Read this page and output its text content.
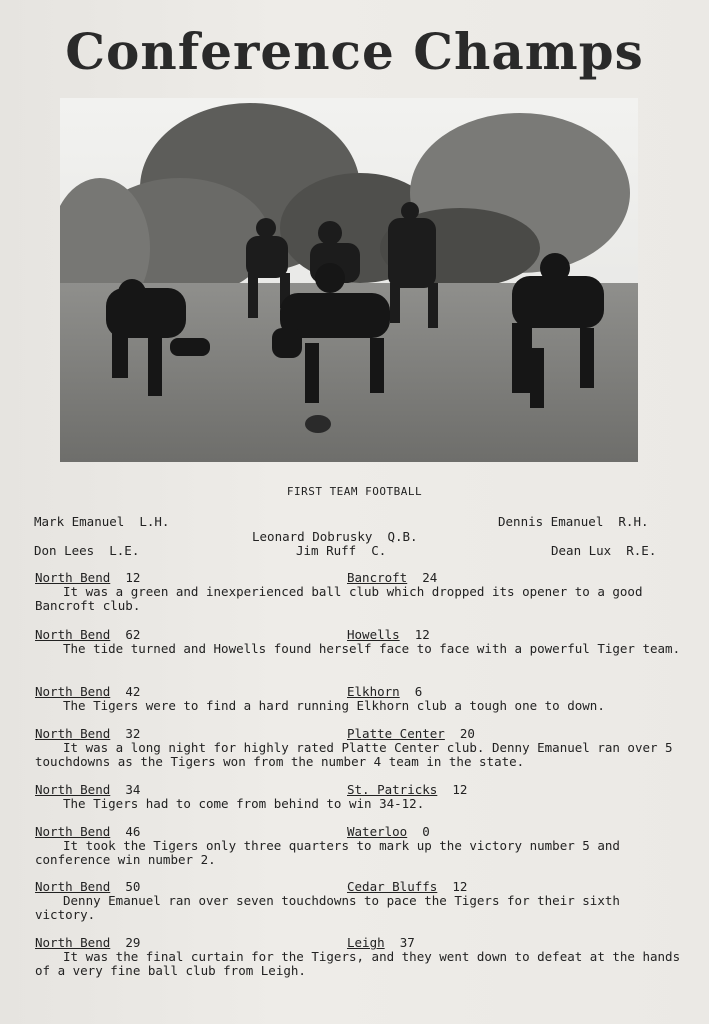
Conference Champs
FIRST TEAM FOOTBALL
Mark Emanuel  L.H.
Leonard Dobrusky  Q.B.
Dennis Emanuel  R.H.
Don Lees  L.E.	Jim Ruff  C.	Dean Lux  R.E.
North Bend 12	Bancroft 24
It was a green and inexperienced ball club which dropped its opener to a good Bancroft club.
North Bend 62	Howells 12
The tide turned and Howells found herself face to face with a powerful Tiger team.
North Bend 42	Elkhorn 6
The Tigers were to find a hard running Elkhorn club a tough one to down.
North Bend 32	Platte Center 20
It was a long night for highly rated Platte Center club. Denny Emanuel ran over 5 touchdowns as the Tigers won from the number 4 team in the state.
North Bend 34	St. Patricks 12
The Tigers had to come from behind to win 34-12.
North Bend 46	Waterloo 0
It took the Tigers only three quarters to mark up the victory number 5 and conference win number 2.
North Bend 50	Cedar Bluffs 12
Denny Emanuel ran over seven touchdowns to pace the Tigers for their sixth victory.
North Bend 29	Leigh 37
It was the final curtain for the Tigers, and they went down to defeat at the hands of a very fine ball club from Leigh.
